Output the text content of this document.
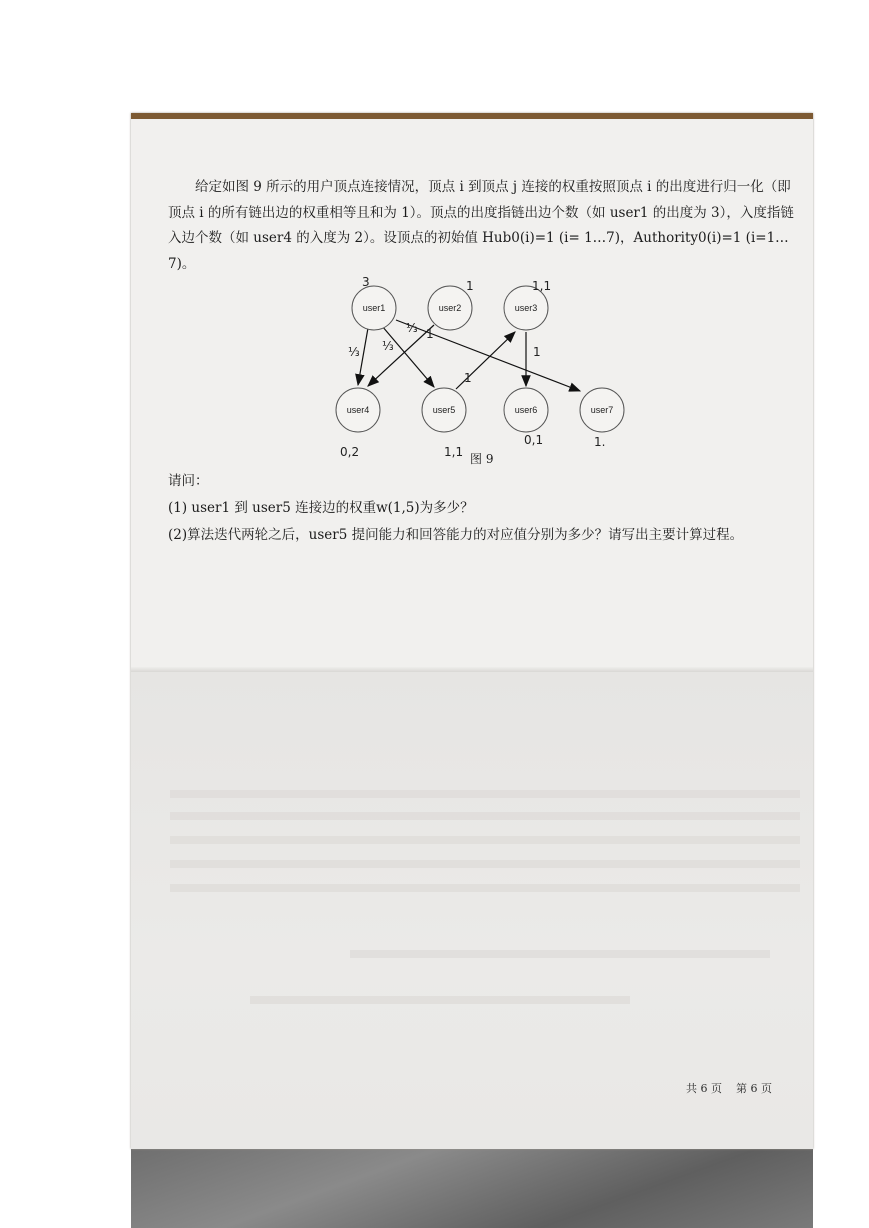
给定如图 9 所示的用户顶点连接情况，顶点 i 到顶点 j 连接的权重按照顶点 i 的出度进行归一化（即顶点 i 的所有链出边的权重相等且和为 1）。顶点的出度指链出边个数（如 user1 的出度为 3），入度指链入边个数（如 user4 的入度为 2）。设顶点的初始值 Hub0(i)=1 (i= 1…7)，Authority0(i)=1 (i=1…7)。

user1	user2	user3
user4	user5	user6	user7
3	1	1,1
0,2	1,1
0,1	1.
⅓ ⅓
⅓ 1
1
1
图 9
请问：
(1) user1 到 user5 连接边的权重w(1,5)为多少？
(2)算法迭代两轮之后，user5 提问能力和回答能力的对应值分别为多少？请写出主要计算过程。
共 6 页 第 6 页
